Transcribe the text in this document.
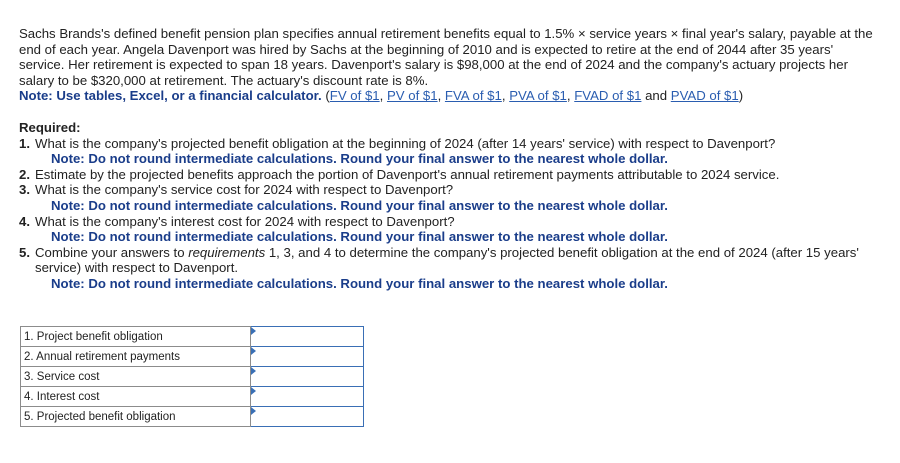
Sachs Brands's defined benefit pension plan specifies annual retirement benefits equal to 1.5% × service years × final year's salary, payable at the end of each year. Angela Davenport was hired by Sachs at the beginning of 2010 and is expected to retire at the end of 2044 after 35 years' service. Her retirement is expected to span 18 years. Davenport's salary is $98,000 at the end of 2024 and the company's actuary projects her salary to be $320,000 at retirement. The actuary's discount rate is 8%.

Note: Use tables, Excel, or a financial calculator. (FV of $1, PV of $1, FVA of $1, PVA of $1, FVAD of $1 and PVAD of $1)

Required:
1. What is the company's projected benefit obligation at the beginning of 2024 (after 14 years' service) with respect to Davenport?
Note: Do not round intermediate calculations. Round your final answer to the nearest whole dollar.
2. Estimate by the projected benefits approach the portion of Davenport's annual retirement payments attributable to 2024 service.
3. What is the company's service cost for 2024 with respect to Davenport?
Note: Do not round intermediate calculations. Round your final answer to the nearest whole dollar.
4. What is the company's interest cost for 2024 with respect to Davenport?
Note: Do not round intermediate calculations. Round your final answer to the nearest whole dollar.
5. Combine your answers to requirements 1, 3, and 4 to determine the company's projected benefit obligation at the end of 2024 (after 15 years' service) with respect to Davenport.
Note: Do not round intermediate calculations. Round your final answer to the nearest whole dollar.
1. Project benefit obligation	

2. Annual retirement payments	

3. Service cost	

4. Interest cost	

5. Projected benefit obligation	
